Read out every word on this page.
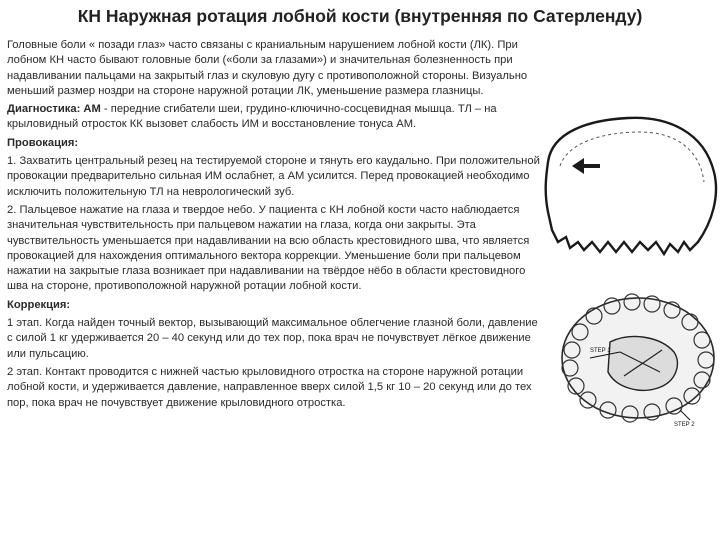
КН Наружная ротация лобной кости (внутренняя по Сатерленду)

Головные боли « позади глаз» часто связаны с краниальным нарушением лобной кости (ЛК). При лобном КН часто бывают головные боли («боли за глазами») и значительная болезненность при надавливании пальцами на закрытый глаз и скуловую дугу с противоположной стороны. Визуально меньший размер ноздри на стороне наружной ротации ЛК, уменьшение размера глазницы.

Диагностика: АМ - передние сгибатели шеи, грудино-ключично-сосцевидная мышца. ТЛ – на крыловидный отросток КК вызовет слабость ИМ и восстановление тонуса АМ.

Провокация:

1. Захватить центральный резец на тестируемой стороне и тянуть его каудально. При положительной провокации предварительно сильная ИМ ослабнет, а АМ усилится. Перед провокацией необходимо исключить положительную ТЛ на неврологический зуб.

2. Пальцевое нажатие на глаза и твердое небо. У пациента с КН лобной кости часто наблюдается значительная чувствительность при пальцевом нажатии на глаза, когда они закрыты. Эта чувствительность уменьшается при надавливании на всю область крестовидного шва, что является провокацией для нахождения оптимального вектора коррекции. Уменьшение боли при пальцевом нажатии на закрытые глаза возникает при надавливании на твёрдое нёбо в области крестовидного шва на стороне, противоположной наружной ротации лобной кости.

Коррекция:

1 этап. Когда найден точный вектор, вызывающий максимальное облегчение глазной боли, давление с силой 1 кг удерживается 20 – 40 секунд или до тех пор, пока врач не почувствует лёгкое движение или пульсацию.

2 этап. Контакт проводится с нижней частью крыловидного отростка на стороне наружной ротации лобной кости, и удерживается давление, направленное вверх силой 1,5 кг 10 – 20 секунд или до тех пор, пока врач не почувствует движение крыловидного отростка.

STEP 1
STEP 2
